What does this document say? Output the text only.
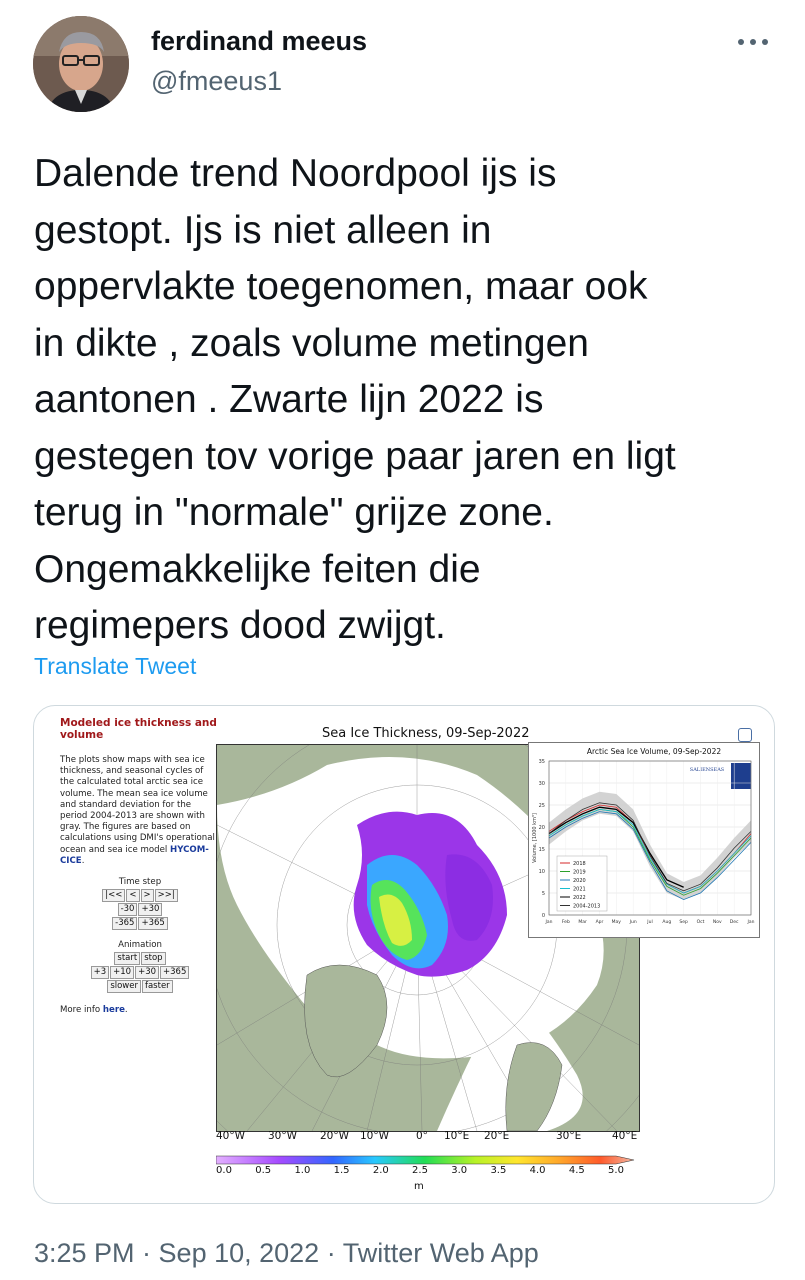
ferdinand meeus
@fmeeus1

Dalende trend Noordpool ijs is
gestopt. Ijs is niet alleen in
oppervlakte toegenomen, maar ook
in dikte , zoals volume metingen
aantonen . Zwarte lijn 2022 is
gestegen tov vorige paar jaren en ligt
terug in "normale" grijze zone.
Ongemakkelijke feiten die
regimepers dood zwijgt.

Translate Tweet
Modeled ice thickness and volume

The plots show maps with sea ice thickness, and seasonal cycles of the calculated total arctic sea ice volume. The mean sea ice volume and standard deviation for the period 2004-2013 are shown with gray. The figures are based on calculations using DMI's operational ocean and sea ice model HYCOM-CICE.

Time step
|<< < > >>|
-30 +30
-365 +365
Animation
start stop
+3 +10 +30 +365
slower faster
More info here.
Sea Ice Thickness, 09-Sep-2022
Arctic Sea Ice Volume, 09-Sep-2022
SALIENSEAS
0
5
10
15
20
25
30
35
Jan Feb Mar Apr May Jun Jul Aug Sep Oct Nov Dec Jan
Volume, [1000 km³]
2018
2019
2020
2021
2022
2004-2013
40°W 30°W 20°W 10°W	0° 10°E 20°E	30°E	40°E
0.0 0.5 1.0 1.5 2.0 2.5 3.0 3.5 4.0 4.5 5.0
m
3:25 PM · Sep 10, 2022 · Twitter Web App
